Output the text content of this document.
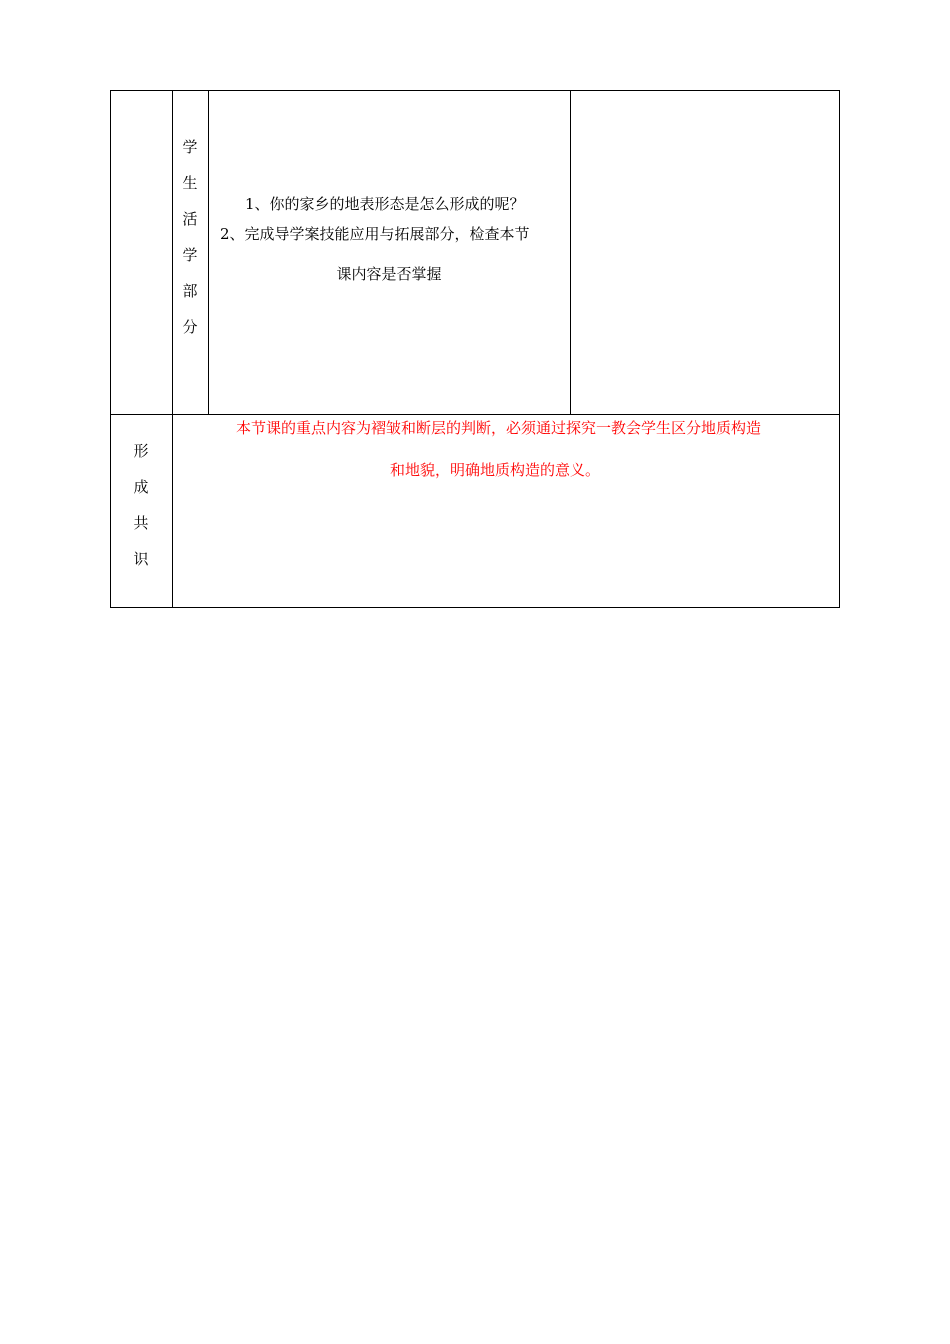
学
生
活
学
部
分
1、你的家乡的地表形态是怎么形成的呢？
2、完成导学案技能应用与拓展部分，检查本节
课内容是否掌握
形
成
共
识
本节课的重点内容为褶皱和断层的判断，必须通过探究一教会学生区分地质构造
和地貌，明确地质构造的意义。
